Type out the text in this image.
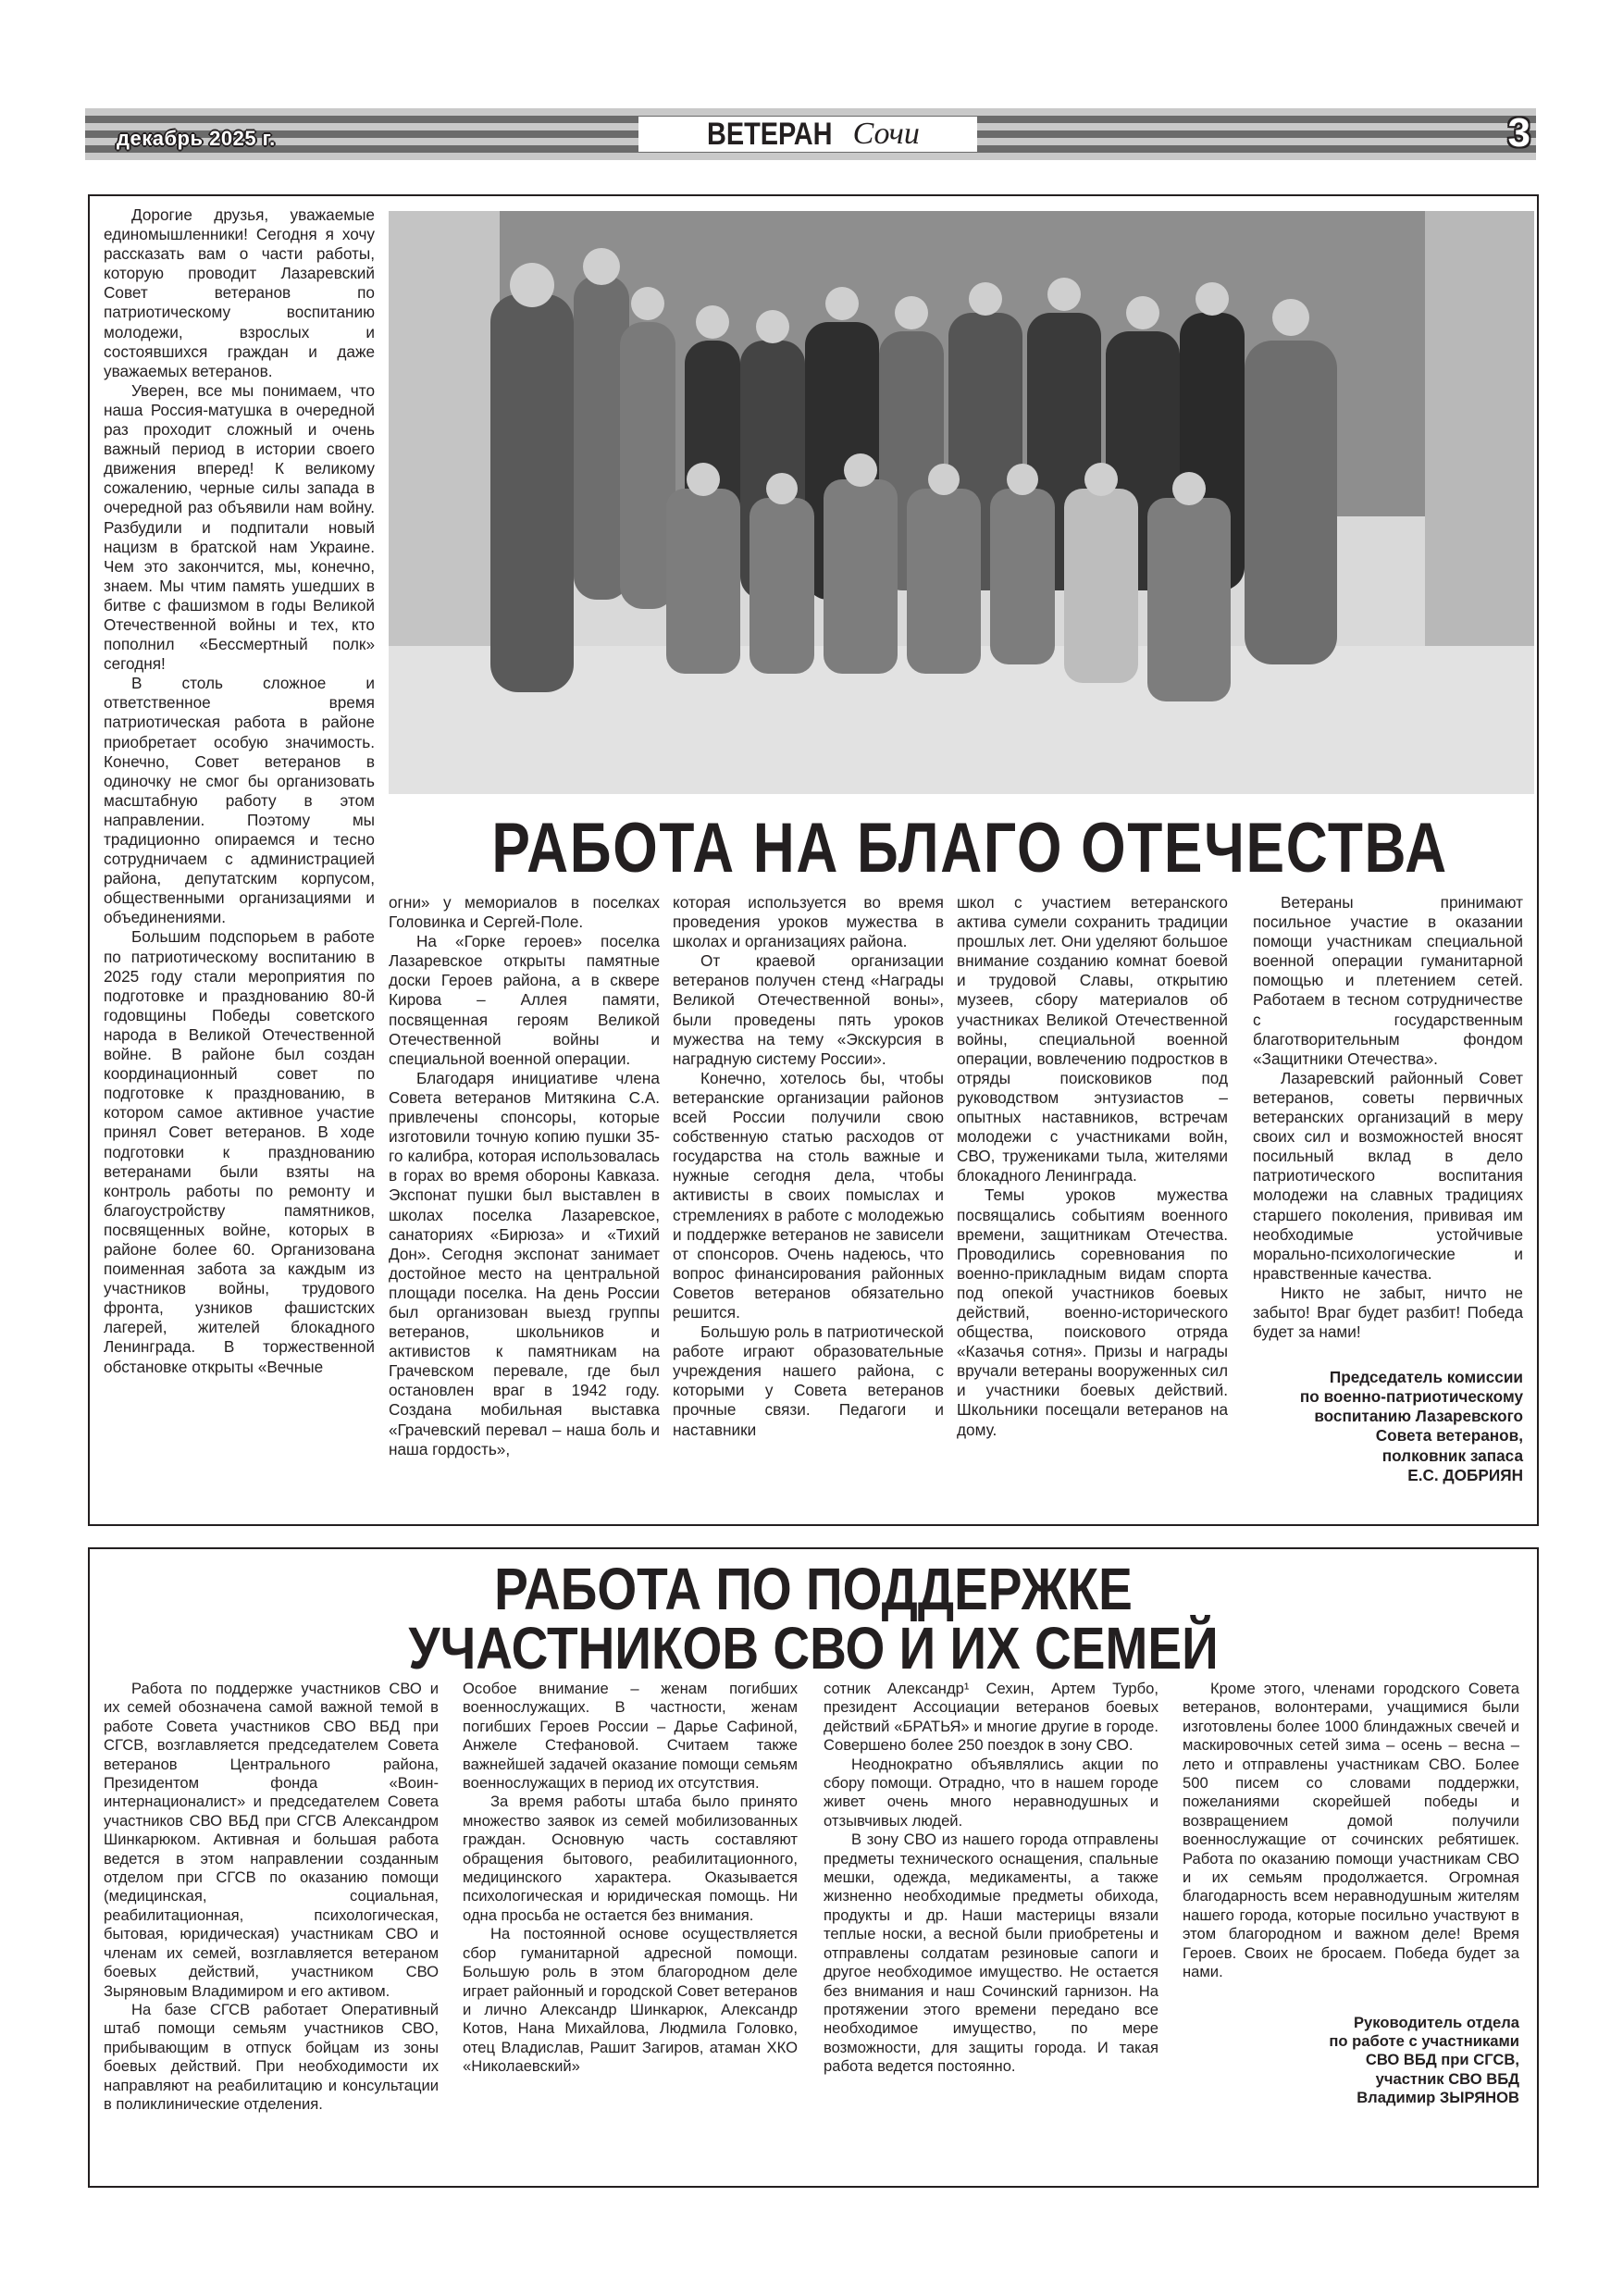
декабрь 2025 г.	ВЕТЕРАН Сочи	3

Дорогие друзья, уважаемые единомышленники! Сегодня я хочу рассказать вам о части работы, которую проводит Лазаревский Совет ветеранов по патриотическому воспитанию молодежи, взрослых и состоявшихся граждан и даже уважаемых ветеранов.

Уверен, все мы понимаем, что наша Россия-матушка в очередной раз проходит сложный и очень важный период в истории своего движения вперед! К великому сожалению, черные силы запада в очередной раз объявили нам войну. Разбудили и подпитали новый нацизм в братской нам Украине. Чем это закончится, мы, конечно, знаем. Мы чтим память ушедших в битве с фашизмом в годы Великой Отечественной войны и тех, кто пополнил «Бессмертный полк» сегодня!

В столь сложное и ответственное время патриотическая работа в районе приобретает особую значимость. Конечно, Совет ветеранов в одиночку не смог бы организовать масштабную работу в этом направлении. Поэтому мы традиционно опираемся и тесно сотрудничаем с администрацией района, депутатским корпусом, общественными организациями и объединениями.

Большим подспорьем в работе по патриотическому воспитанию в 2025 году стали мероприятия по подготовке и празднованию 80-й годовщины Победы советского народа в Великой Отечественной войне. В районе был создан координационный совет по подготовке к празднованию, в котором самое активное участие принял Совет ветеранов. В ходе подготовки к празднованию ветеранами были взяты на контроль работы по ремонту и благоустройству памятников, посвященных войне, которых в районе более 60. Организована поименная забота за каждым из участников войны, трудового фронта, узников фашистских лагерей, жителей блокадного Ленинграда. В торжественной обстановке открыты «Вечные

РАБОТА НА БЛАГО ОТЕЧЕСТВА

огни» у мемориалов в поселках Головинка и Сергей-Поле.

На «Горке героев» поселка Лазаревское открыты памятные доски Героев района, а в сквере Кирова – Аллея памяти, посвященная героям Великой Отечественной войны и специальной военной операции.

Благодаря инициативе члена Совета ветеранов Митякина С.А. привлечены спонсоры, которые изготовили точную копию пушки 35-го калибра, которая использовалась в горах во время обороны Кавказа. Экспонат пушки был выставлен в школах поселка Лазаревское, санаториях «Бирюза» и «Тихий Дон». Сегодня экспонат занимает достойное место на центральной площади поселка. На день России был организован выезд группы ветеранов, школьников и активистов к памятникам на Грачевском перевале, где был остановлен враг в 1942 году. Создана мобильная выставка «Грачевский перевал – наша боль и наша гордость»,

которая используется во время проведения уроков мужества в школах и организациях района.

От краевой организации ветеранов получен стенд «Награды Великой Отечественной воны», были проведены пять уроков мужества на тему «Экскурсия в наградную систему России».

Конечно, хотелось бы, чтобы ветеранские организации районов всей России получили свою собственную статью расходов от государства на столь важные и нужные сегодня дела, чтобы активисты в своих помыслах и стремлениях в работе с молодежью и поддержке ветеранов не зависели от спонсоров. Очень надеюсь, что вопрос финансирования районных Советов ветеранов обязательно решится.

Большую роль в патриотической работе играют образовательные учреждения нашего района, с которыми у Совета ветеранов прочные связи. Педагоги и наставники

школ с участием ветеранского актива сумели сохранить традиции прошлых лет. Они уделяют большое внимание созданию комнат боевой и трудовой Славы, открытию музеев, сбору материалов об участниках Великой Отечественной войны, специальной военной операции, вовлечению подростков в отряды поисковиков под руководством энтузиастов – опытных наставников, встречам молодежи с участниками войн, СВО, тружениками тыла, жителями блокадного Ленинграда.

Темы уроков мужества посвящались событиям военного времени, защитникам Отечества. Проводились соревнования по военно-прикладным видам спорта под опекой участников боевых действий, военно-исторического общества, поискового отряда «Казачья сотня». Призы и награды вручали ветераны вооруженных сил и участники боевых действий. Школьники посещали ветеранов на дому.

Ветераны принимают посильное участие в оказании помощи участникам специальной военной операции гуманитарной помощью и плетением сетей. Работаем в тесном сотрудничестве с государственным благотворительным фондом «Защитники Отечества».

Лазаревский районный Совет ветеранов, советы первичных ветеранских организаций в меру своих сил и возможностей вносят посильный вклад в дело патриотического воспитания молодежи на славных традициях старшего поколения, прививая им необходимые устойчивые морально-психологические и нравственные качества.

Никто не забыт, ничто не забыто! Враг будет разбит! Победа будет за нами!

Председатель комиссии
по военно-патриотическому
воспитанию Лазаревского
Совета ветеранов,
полковник запаса
Е.С. ДОБРИЯН
РАБОТА ПО ПОДДЕРЖКЕ
УЧАСТНИКОВ СВО И ИХ СЕМЕЙ

Работа по поддержке участников СВО и их семей обозначена самой важной темой в работе Совета участников СВО ВБД при СГСВ, возглавляется председателем Совета ветеранов Центрального района, Президентом фонда «Воин-интернационалист» и председателем Совета участников СВО ВБД при СГСВ Александром Шинкарюком. Активная и большая работа ведется в этом направлении созданным отделом при СГСВ по оказанию помощи (медицинская, социальная, реабилитационная, психологическая, бытовая, юридическая) участникам СВО и членам их семей, возглавляется ветераном боевых действий, участником СВО Зыряновым Владимиром и его активом.

На базе СГСВ работает Оперативный штаб помощи семьям участников СВО, прибывающим в отпуск бойцам из зоны боевых действий. При необходимости их направляют на реабилитацию и консультации в поликлинические отделения.

Особое внимание – женам погибших военнослужащих. В частности, женам погибших Героев России – Дарье Сафиной, Анжеле Стефановой. Считаем также важнейшей задачей оказание помощи семьям военнослужащих в период их отсутствия.

За время работы штаба было принято множество заявок из семей мобилизованных граждан. Основную часть составляют обращения бытового, реабилитационного, медицинского характера. Оказывается психологическая и юридическая помощь. Ни одна просьба не остается без внимания.

На постоянной основе осуществляется сбор гуманитарной адресной помощи. Большую роль в этом благородном деле играет районный и городской Совет ветеранов и лично Александр Шинкарюк, Александр Котов, Нана Михайлова, Людмила Головко, отец Владислав, Рашит Загиров, атаман ХКО «Николаевский»

сотник Александр¹ Сехин, Артем Турбо, президент Ассоциации ветеранов боевых действий «БРАТЬЯ» и многие другие в городе. Совершено более 250 поездок в зону СВО.

Неоднократно объявлялись акции по сбору помощи. Отрадно, что в нашем городе живет очень много неравнодушных и отзывчивых людей.

В зону СВО из нашего города отправлены предметы технического оснащения, спальные мешки, одежда, медикаменты, а также жизненно необходимые предметы обихода, продукты и др. Наши мастерицы вязали теплые носки, а весной были приобретены и отправлены солдатам резиновые сапоги и другое необходимое имущество. Не остается без внимания и наш Сочинский гарнизон. На протяжении этого времени передано все необходимое имущество, по мере возможности, для защиты города. И такая работа ведется постоянно.

Кроме этого, членами городского Совета ветеранов, волонтерами, учащимися были изготовлены более 1000 блиндажных свечей и маскировочных сетей зима – осень – весна – лето и отправлены участникам СВО. Более 500 писем со словами поддержки, пожеланиями скорейшей победы и возвращением домой получили военнослужащие от сочинских ребятишек. Работа по оказанию помощи участникам СВО и их семьям продолжается. Огромная благодарность всем неравнодушным жителям нашего города, которые посильно участвуют в этом благородном и важном деле! Время Героев. Своих не бросаем. Победа будет за нами.

Руководитель отдела
по работе с участниками
СВО ВБД при СГСВ,
участник СВО ВБД
Владимир ЗЫРЯНОВ
